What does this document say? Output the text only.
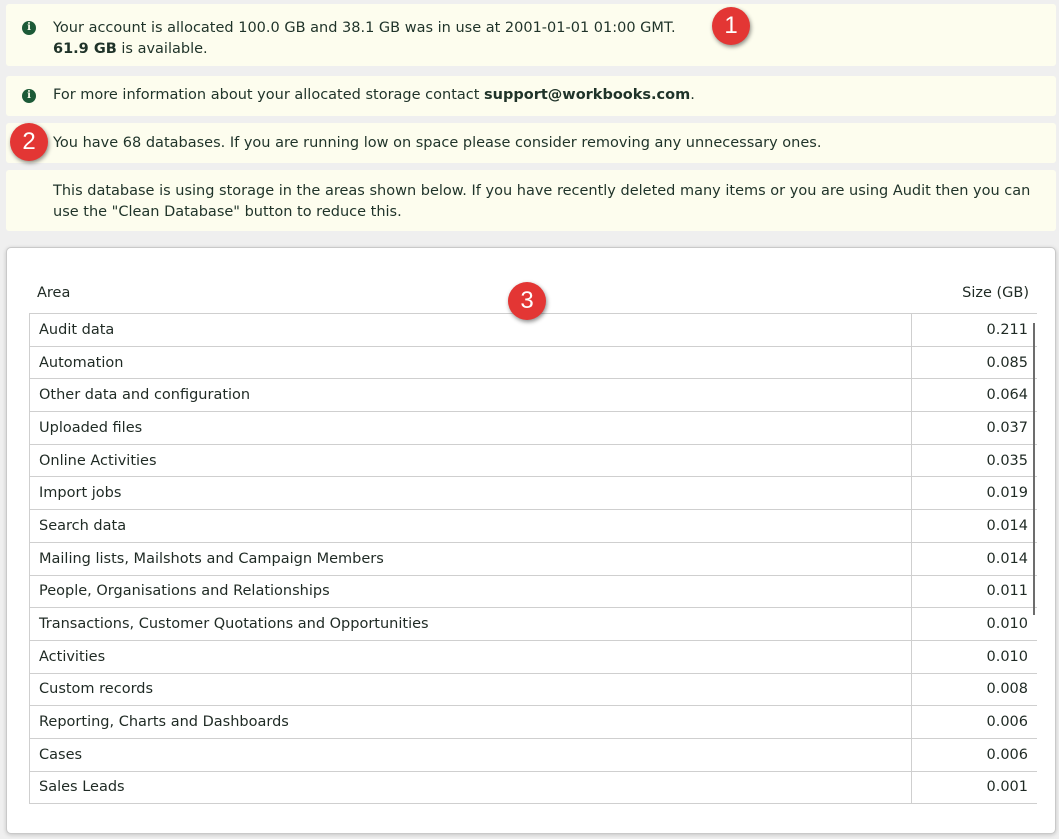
i	Your account is allocated 100.0 GB and 38.1 GB was in use at 2001-01-01 01:00 GMT.
61.9 GB is available.
i	For more information about your allocated storage contact support@workbooks.com.
You have 68 databases. If you are running low on space please consider removing any unnecessary ones.
This database is using storage in the areas shown below. If you have recently deleted many items or you are using Audit then you can use the "Clean Database" button to reduce this.
1
2
3
Area	Size (GB)
Audit data	0.211
Automation	0.085
Other data and configuration	0.064
Uploaded files	0.037
Online Activities	0.035
Import jobs	0.019
Search data	0.014
Mailing lists, Mailshots and Campaign Members	0.014
People, Organisations and Relationships	0.011
Transactions, Customer Quotations and Opportunities	0.010
Activities	0.010
Custom records	0.008
Reporting, Charts and Dashboards	0.006
Cases	0.006
Sales Leads	0.001
